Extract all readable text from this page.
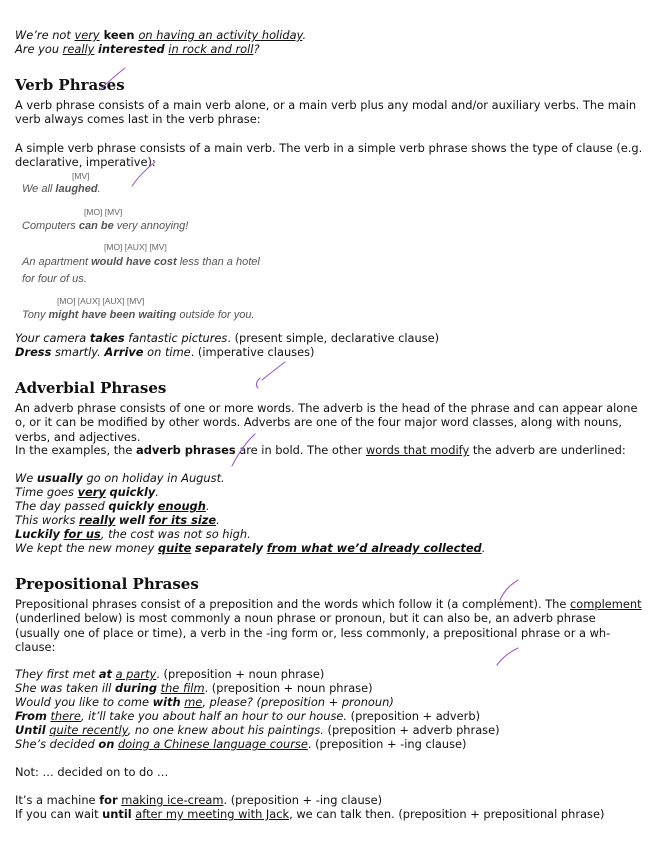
We’re not very keen on having an activity holiday.
Are you really interested in rock and roll?
Verb Phrases
A verb phrase consists of a main verb alone, or a main verb plus any modal and/or auxiliary verbs. The main verb always comes last in the verb phrase:
A simple verb phrase consists of a main verb. The verb in a simple verb phrase shows the type of clause (e.g. declarative, imperative):
[MV]
We all laughed.
[MO] [MV]
Computers can be very annoying!
[MO] [AUX] [MV]
An apartment would have cost less than a hotel
for four of us.
[MO] [AUX] [AUX] [MV]
Tony might have been waiting outside for you.
Your camera takes fantastic pictures. (present simple, declarative clause)
Dress smartly. Arrive on time. (imperative clauses)
Adverbial Phrases
An adverb phrase consists of one or more words. The adverb is the head of the phrase and can appear alone o, or it can be modified by other words. Adverbs are one of the four major word classes, along with nouns, verbs, and adjectives.
In the examples, the adverb phrases are in bold. The other words that modify the adverb are underlined:
We usually go on holiday in August.
Time goes very quickly.
The day passed quickly enough.
This works really well for its size.
Luckily for us, the cost was not so high.
We kept the new money quite separately from what we’d already collected.
Prepositional Phrases
Prepositional phrases consist of a preposition and the words which follow it (a complement). The complement (underlined below) is most commonly a noun phrase or pronoun, but it can also be, an adverb phrase (usually one of place or time), a verb in the -ing form or, less commonly, a prepositional phrase or a wh-clause:
They first met at a party. (preposition + noun phrase)
She was taken ill during the film. (preposition + noun phrase)
Would you like to come with me, please? (preposition + pronoun)
From there, it’ll take you about half an hour to our house. (preposition + adverb)
Until quite recently, no one knew about his paintings. (preposition + adverb phrase)
She’s decided on doing a Chinese language course. (preposition + -ing clause)
Not: … decided on to do …
It’s a machine for making ice-cream. (preposition + -ing clause)
If you can wait until after my meeting with Jack, we can talk then. (preposition + prepositional phrase)
